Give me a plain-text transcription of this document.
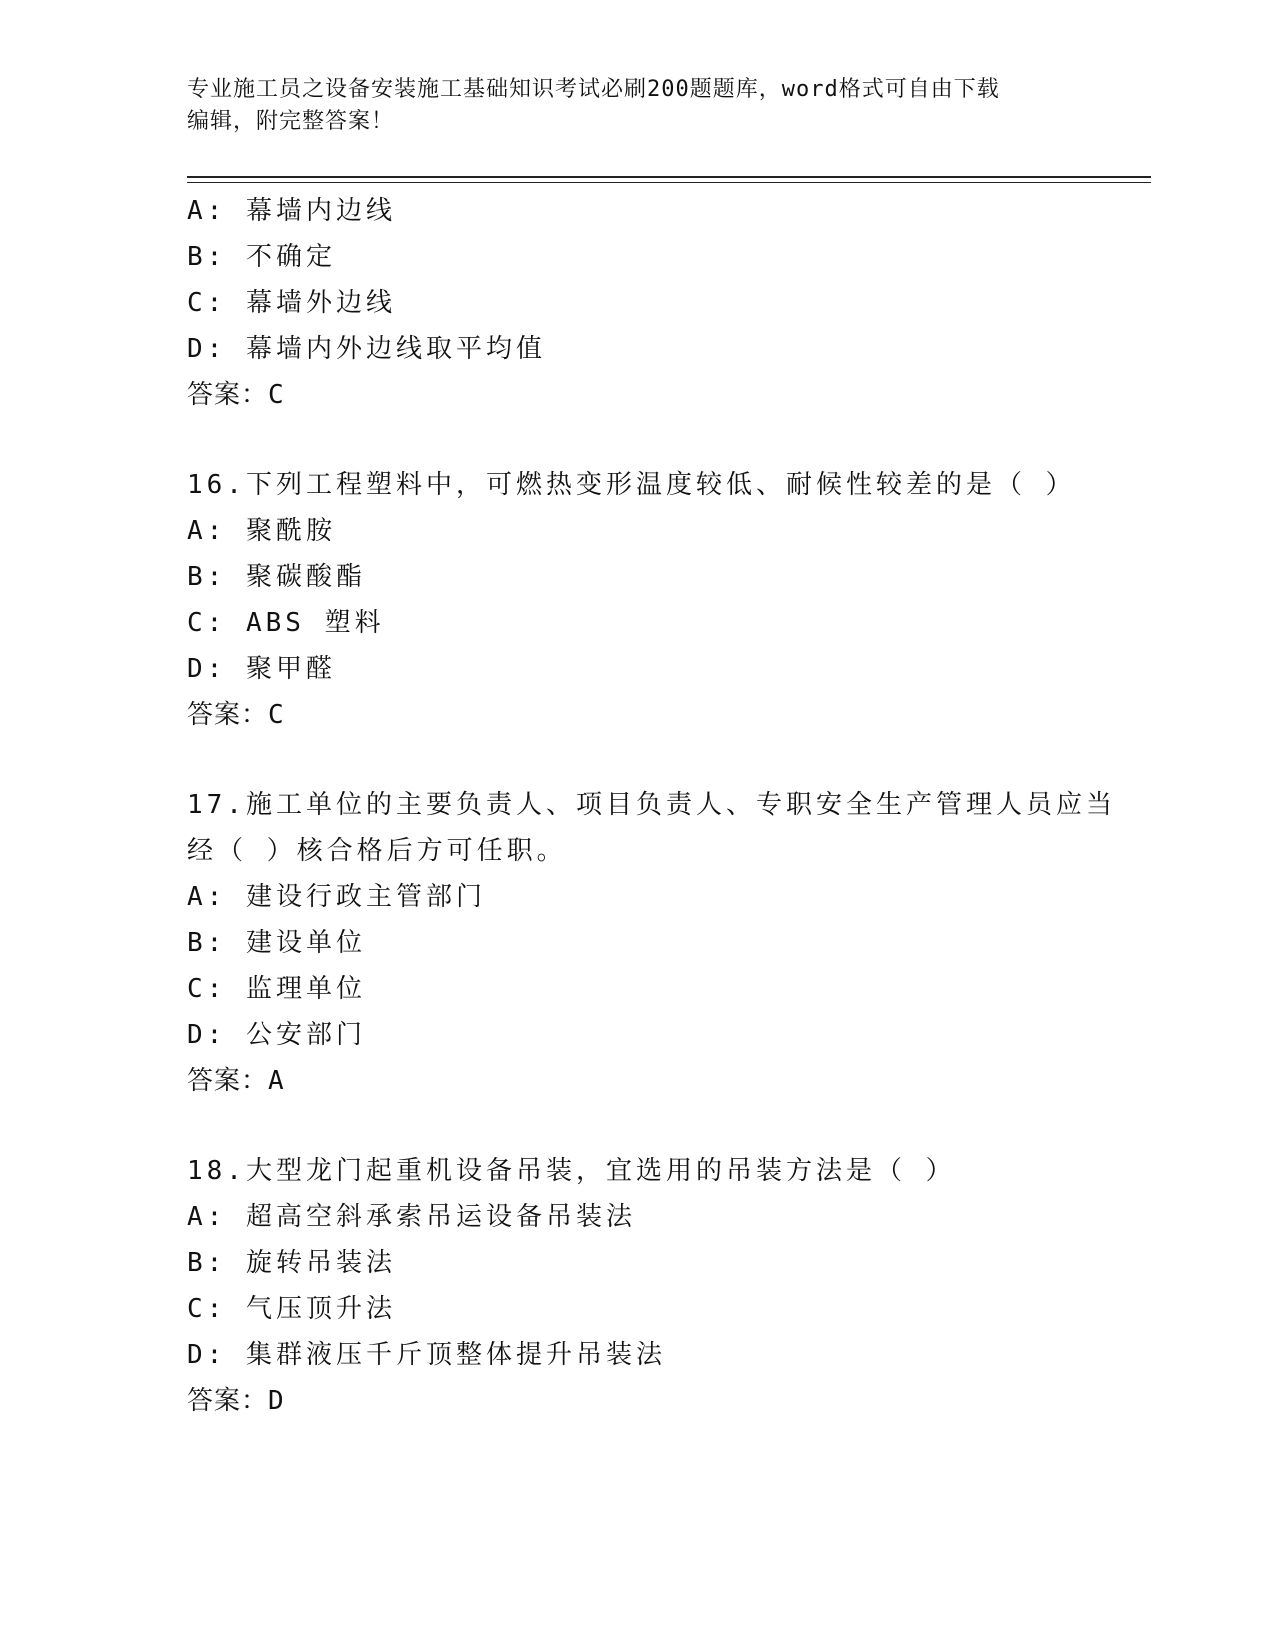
专业施工员之设备安装施工基础知识考试必刷200题题库，word格式可自由下载
编辑，附完整答案！
A: 幕墙内边线
B: 不确定
C: 幕墙外边线
D: 幕墙内外边线取平均值
答案：C
16.下列工程塑料中，可燃热变形温度较低、耐候性较差的是（ ）
A: 聚酰胺
B: 聚碳酸酯
C: ABS 塑料
D: 聚甲醛
答案：C
17.施工单位的主要负责人、项目负责人、专职安全生产管理人员应当
经（ ）核合格后方可任职。
A: 建设行政主管部门
B: 建设单位
C: 监理单位
D: 公安部门
答案：A
18.大型龙门起重机设备吊装，宜选用的吊装方法是（ ）
A: 超高空斜承索吊运设备吊装法
B: 旋转吊装法
C: 气压顶升法
D: 集群液压千斤顶整体提升吊装法
答案：D
